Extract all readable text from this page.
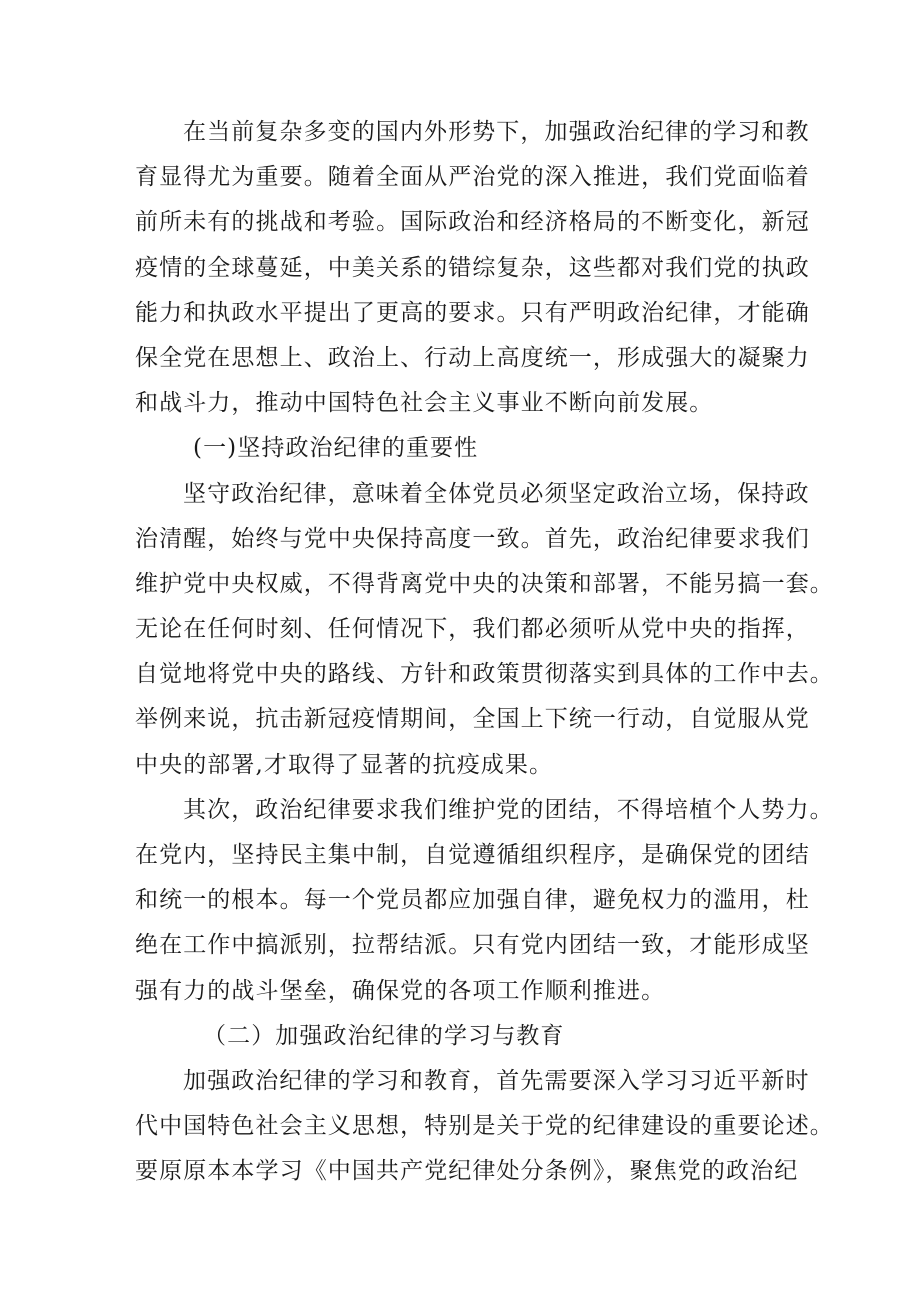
在当前复杂多变的国内外形势下，加强政治纪律的学习和教
育显得尤为重要。随着全面从严治党的深入推进，我们党面临着
前所未有的挑战和考验。国际政治和经济格局的不断变化，新冠
疫情的全球蔓延，中美关系的错综复杂，这些都对我们党的执政
能力和执政水平提出了更高的要求。只有严明政治纪律，才能确
保全党在思想上、政治上、行动上高度统一，形成强大的凝聚力
和战斗力，推动中国特色社会主义事业不断向前发展。
(一)坚持政治纪律的重要性
坚守政治纪律，意味着全体党员必须坚定政治立场，保持政
治清醒，始终与党中央保持高度一致。首先，政治纪律要求我们
维护党中央权威，不得背离党中央的决策和部署，不能另搞一套。
无论在任何时刻、任何情况下，我们都必须听从党中央的指挥，
自觉地将党中央的路线、方针和政策贯彻落实到具体的工作中去。
举例来说，抗击新冠疫情期间，全国上下统一行动，自觉服从党
中央的部署,才取得了显著的抗疫成果。
其次，政治纪律要求我们维护党的团结，不得培植个人势力。
在党内，坚持民主集中制，自觉遵循组织程序，是确保党的团结
和统一的根本。每一个党员都应加强自律，避免权力的滥用，杜
绝在工作中搞派别，拉帮结派。只有党内团结一致，才能形成坚
强有力的战斗堡垒，确保党的各项工作顺利推进。
（二）加强政治纪律的学习与教育
加强政治纪律的学习和教育，首先需要深入学习习近平新时
代中国特色社会主义思想，特别是关于党的纪律建设的重要论述。
要原原本本学习《中国共产党纪律处分条例》，聚焦党的政治纪
